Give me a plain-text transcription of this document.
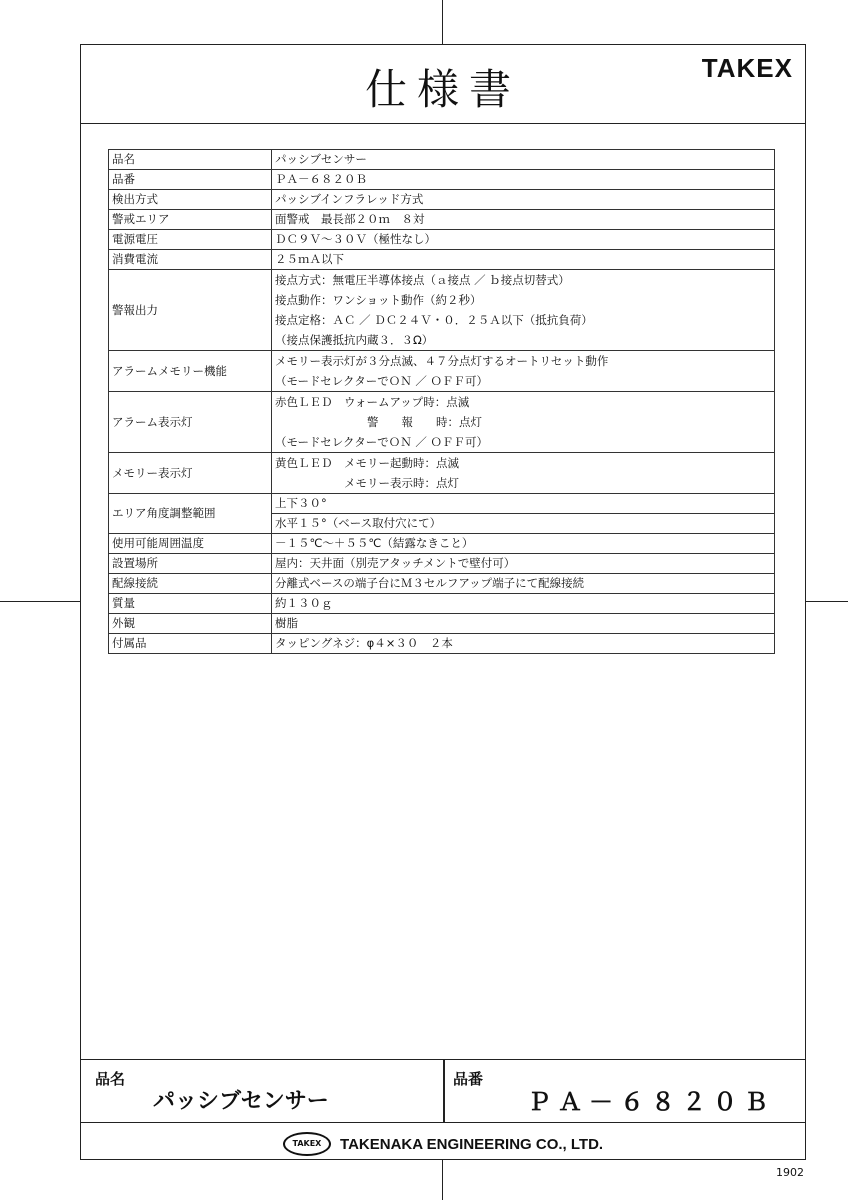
仕様書	TAKEX
品名	パッシブセンサー

品番	ＰＡ－６８２０Ｂ

検出方式	パッシブインフラレッド方式

警戒エリア	面警戒　最長部２０ｍ　８対

電源電圧	ＤＣ９Ｖ～３０Ｖ（極性なし）

消費電流	２５ｍＡ以下

警報出力	接点方式：無電圧半導体接点（ａ接点 ／ ｂ接点切替式）
接点動作：ワンショット動作（約２秒）
接点定格：ＡＣ ／ ＤＣ２４Ｖ・０．２５Ａ以下（抵抗負荷）
（接点保護抵抗内蔵３．３Ω）

アラームメモリー機能	メモリー表示灯が３分点滅、４７分点灯するオートリセット動作
（モードセレクターでＯＮ ／ ＯＦＦ可）

アラーム表示灯	赤色ＬＥＤ　ウォームアップ時：点滅
　　　　　　　　警　　報　　時：点灯
（モードセレクターでＯＮ ／ ＯＦＦ可）

メモリー表示灯	黄色ＬＥＤ　メモリー起動時：点滅
　　　　　　メモリー表示時：点灯

エリア角度調整範囲	上下３０°
	水平１５°（ベース取付穴にて）
使用可能周囲温度	－１５℃～＋５５℃（結露なきこと）

設置場所	屋内：天井面（別売アタッチメントで壁付可）

配線接続	分離式ベースの端子台にＭ３セルフアップ端子にて配線接続

質量	約１３０ｇ

外観	樹脂

付属品	タッピングネジ：φ４×３０　２本
品名
パッシブセンサー
品番
ＰＡ－６８２０Ｂ
TAKEX TAKENAKA ENGINEERING CO., LTD.
1902
